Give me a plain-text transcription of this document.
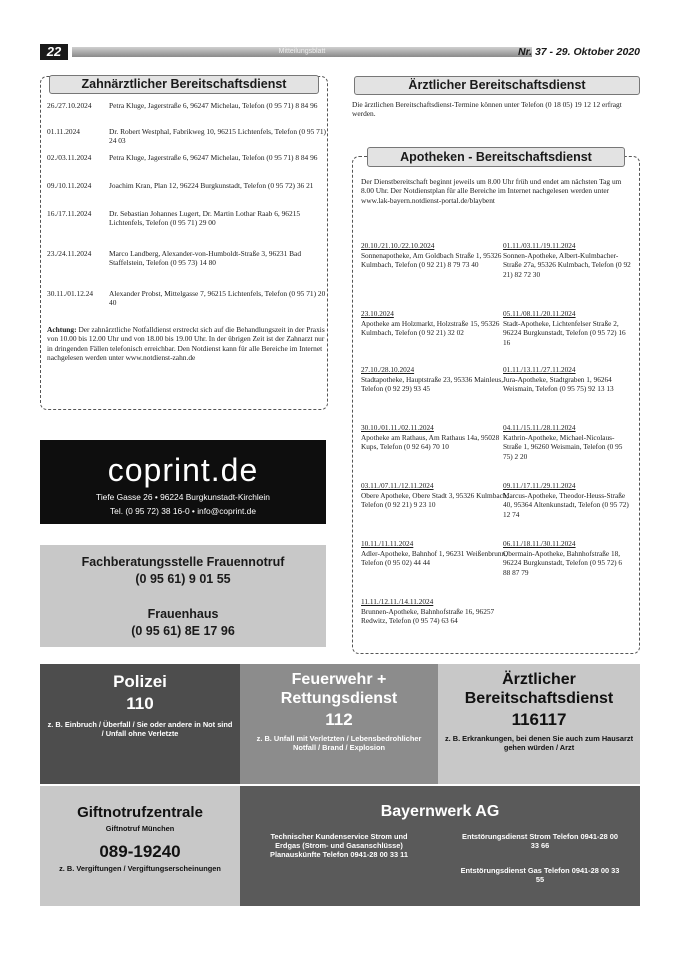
22	Mitteilungsblatt	Nr. 37 - 29. Oktober 2020
Zahnärztlicher Bereitschaftsdienst
26./27.10.2024	Petra Kluge, Jagerstraße 6, 96247 Michelau, Telefon (0 95 71) 8 84 96
01.11.2024	Dr. Robert Westphal, Fabrikweg 10, 96215 Lichtenfels, Telefon (0 95 71) 24 03
02./03.11.2024	Petra Kluge, Jagerstraße 6, 96247 Michelau, Telefon (0 95 71) 8 84 96
09./10.11.2024	Joachim Kran, Plan 12, 96224 Burgkunstadt, Telefon (0 95 72) 36 21
16./17.11.2024	Dr. Sebastian Johannes Lugert, Dr. Martin Lothar Raab 6, 96215 Lichtenfels, Telefon (0 95 71) 29 00
23./24.11.2024	Marco Landberg, Alexander-von-Humboldt-Straße 3, 96231 Bad Staffelstein, Telefon (0 95 73) 14 80
30.11./01.12.24	Alexander Probst, Mittelgasse 7, 96215 Lichtenfels, Telefon (0 95 71) 20 40
Achtung: Der zahnärztliche Notfalldienst erstreckt sich auf die Behandlungszeit in der Praxis von 10.00 bis 12.00 Uhr und von 18.00 bis 19.00 Uhr. In der übrigen Zeit ist der Zahnarzt nur in dringenden Fällen telefonisch erreichbar. Den Notdienst kann für alle Bereiche im Internet nachgelesen werden unter www.notdienst-zahn.de
coprint.de
Tiefe Gasse 26 • 96224 Burgkunstadt-Kirchlein
Tel. (0 95 72) 38 16-0 • info@coprint.de
Fachberatungsstelle Frauennotruf
(0 95 61) 9 01 55
Frauenhaus
(0 95 61) 8E 17 96
Ärztlicher Bereitschaftsdienst
Die ärztlichen Bereitschaftsdienst-Termine können unter Telefon (0 18 05) 19 12 12 erfragt werden.
Apotheken - Bereitschaftsdienst
Der Dienstbereitschaft beginnt jeweils um 8.00 Uhr früh und endet am nächsten Tag um 8.00 Uhr. Der Notdienstplan für alle Bereiche im Internet nachgelesen werden unter www.lak-bayern.notdienst-portal.de/blaybent
20.10./21.10./22.10.2024
Sonnenapotheke, Am Goldbach Straße 1, 95326 Kulmbach, Telefon (0 92 21) 8 79 73 40
23.10.2024
Apotheke am Holzmarkt, Holzstraße 15, 95326 Kulmbach, Telefon (0 92 21) 32 02
27.10./28.10.2024
Stadtapotheke, Hauptstraße 23, 95336 Mainleus, Telefon (0 92 29) 93 45
30.10./01.11./02.11.2024
Apotheke am Rathaus, Am Rathaus 14a, 95028 Kups, Telefon (0 92 64) 70 10
03.11./07.11./12.11.2024
Obere Apotheke, Obere Stadt 3, 95326 Kulmbach, Telefon (0 92 21) 9 23 10
10.11./11.11.2024
Adler-Apotheke, Bahnhof 1, 96231 Weißenbrunn, Telefon (0 95 02) 44 44
11.11./12.11./14.11.2024
Brunnen-Apotheke, Bahnhofstraße 16, 96257 Redwitz, Telefon (0 95 74) 63 64
01.11./03.11./19.11.2024
Sonnen-Apotheke, Albert-Kulmbacher-Straße 27a, 95326 Kulmbach, Telefon (0 92 21) 82 72 30
05.11./08.11./20.11.2024
Stadt-Apotheke, Lichtenfelser Straße 2, 96224 Burgkunstadt, Telefon (0 95 72) 16 16
01.11./13.11./27.11.2024
Jura-Apotheke, Stadtgraben 1, 96264 Weismain, Telefon (0 95 75) 92 13 13
04.11./15.11./28.11.2024
Kathrin-Apotheke, Michael-Nicolaus-Straße 1, 96260 Weismain, Telefon (0 95 75) 2 20
09.11./17.11./29.11.2024
Marcus-Apotheke, Theodor-Heuss-Straße 40, 95364 Altenkunstadt, Telefon (0 95 72) 12 74
06.11./18.11./30.11.2024
Obermain-Apotheke, Bahnhofstraße 18, 96224 Burgkunstadt, Telefon (0 95 72) 6 88 87 79
Polizei
110
z. B. Einbruch / Überfall / Sie oder andere in Not sind / Unfall ohne Verletzte
Feuerwehr + Rettungsdienst
112
z. B. Unfall mit Verletzten / Lebensbedrohlicher Notfall / Brand / Explosion
Ärztlicher Bereitschaftsdienst
116117
z. B. Erkrankungen, bei denen Sie auch zum Hausarzt gehen würden / Arzt
Giftnotrufzentrale
Giftnotruf München
089-19240
z. B. Vergiftungen / Vergiftungserscheinungen
Bayernwerk AG
Technischer Kundenservice Strom und Erdgas (Strom- und Gasanschlüsse) Planauskünfte Telefon 0941-28 00 33 11
Entstörungsdienst Strom Telefon 0941-28 00 33 66
Entstörungsdienst Gas Telefon 0941-28 00 33 55
